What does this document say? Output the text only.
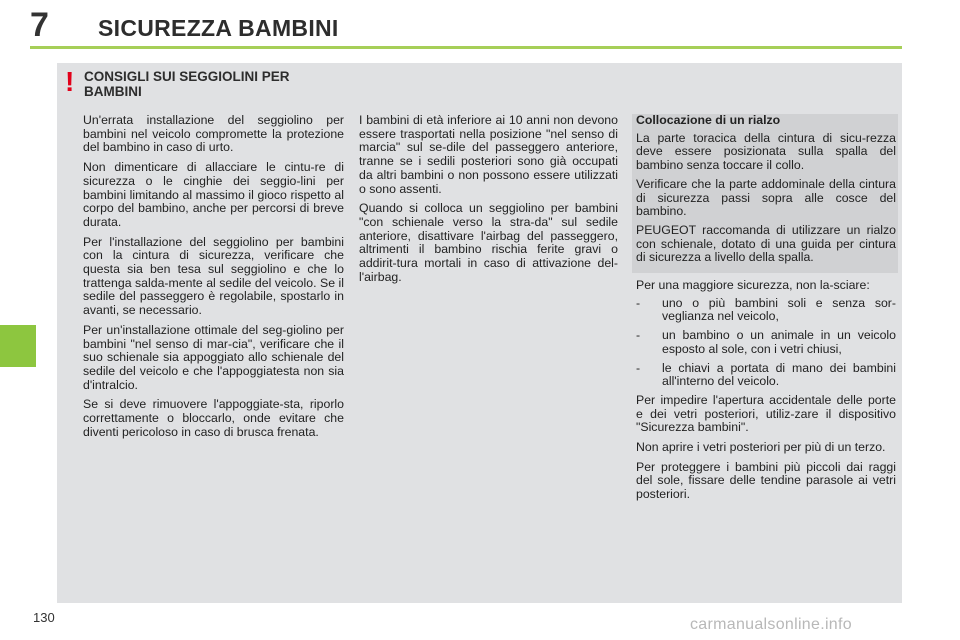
7 SICUREZZA BAMBINI
! CONSIGLI SUI SEGGIOLINI PER BAMBINI

Un'errata installazione del seggiolino per bambini nel veicolo compromette la protezione del bambino in caso di urto.

Non dimenticare di allacciare le cintu-re di sicurezza o le cinghie dei seggio-lini per bambini limitando al massimo il gioco rispetto al corpo del bambino, anche per percorsi di breve durata.

Per l'installazione del seggiolino per bambini con la cintura di sicurezza, verificare che questa sia ben tesa sul seggiolino e che lo trattenga salda-mente al sedile del veicolo. Se il sedile del passeggero è regolabile, spostarlo in avanti, se necessario.

Per un'installazione ottimale del seg-giolino per bambini "nel senso di mar-cia", verificare che il suo schienale sia appoggiato allo schienale del sedile del veicolo e che l'appoggiatesta non sia d'intralcio.

Se si deve rimuovere l'appoggiate-sta, riporlo correttamente o bloccarlo, onde evitare che diventi pericoloso in caso di brusca frenata.

I bambini di età inferiore ai 10 anni non devono essere trasportati nella posizione "nel senso di marcia" sul se-dile del passeggero anteriore, tranne se i sedili posteriori sono già occupati da altri bambini o non possono essere utilizzati o sono assenti.

Quando si colloca un seggiolino per bambini "con schienale verso la stra-da" sul sedile anteriore, disattivare l'airbag del passeggero, altrimenti il bambino rischia ferite gravi o addirit-tura mortali in caso di attivazione del-l'airbag.

Collocazione di un rialzo

La parte toracica della cintura di sicu-rezza deve essere posizionata sulla spalla del bambino senza toccare il collo.

Verificare che la parte addominale della cintura di sicurezza passi sopra alle cosce del bambino.

PEUGEOT raccomanda di utilizzare un rialzo con schienale, dotato di una guida per cintura di sicurezza a livello della spalla.

Per una maggiore sicurezza, non la-sciare:

- uno o più bambini soli e senza sor-veglianza nel veicolo,
- un bambino o un animale in un veicolo esposto al sole, con i vetri chiusi,
- le chiavi a portata di mano dei bambini all'interno del veicolo.

Per impedire l'apertura accidentale delle porte e dei vetri posteriori, utiliz-zare il dispositivo "Sicurezza bambini".

Non aprire i vetri posteriori per più di un terzo.

Per proteggere i bambini più piccoli dai raggi del sole, fissare delle tendine parasole ai vetri posteriori.

130	carmanualsonline.info
